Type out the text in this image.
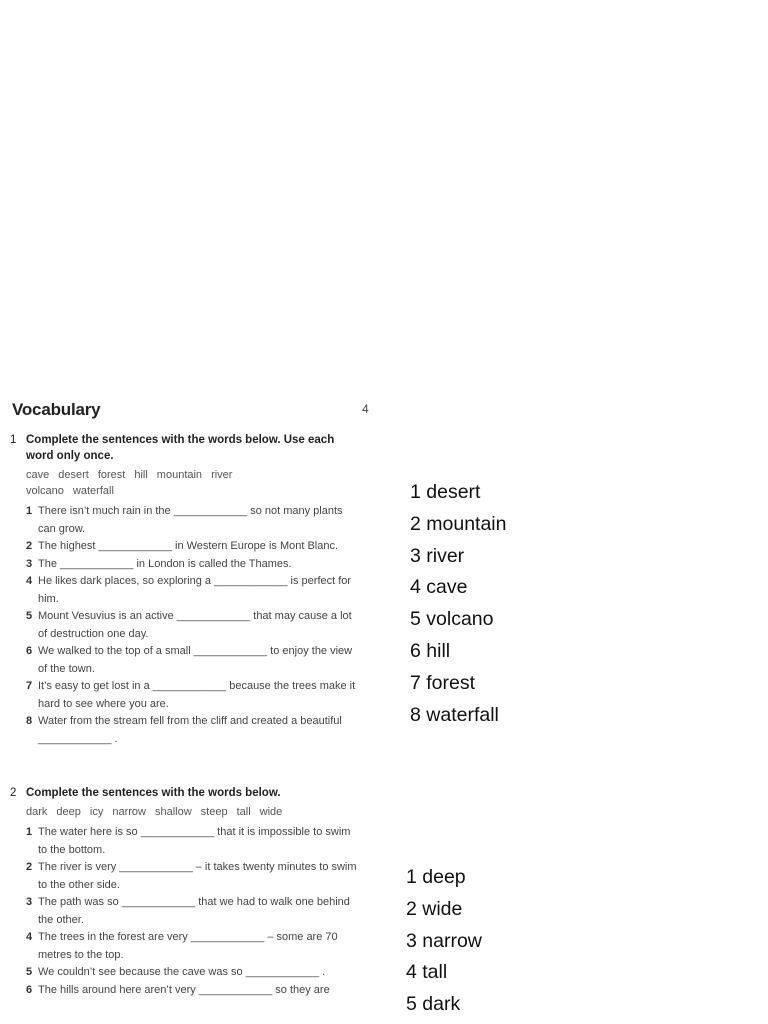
Vocabulary	4
1 Complete the sentences with the words below. Use each word only once.
cave desert forest hill mountain river
volcano waterfall
1 There isn’t much rain in the ____________ so not many plants can grow.
2 The highest ____________ in Western Europe is Mont Blanc.
3 The ____________ in London is called the Thames.
4 He likes dark places, so exploring a ____________ is perfect for him.
5 Mount Vesuvius is an active ____________ that may cause a lot of destruction one day.
6 We walked to the top of a small ____________ to enjoy the view of the town.
7 It’s easy to get lost in a ____________ because the trees make it hard to see where you are.
8 Water from the stream fell from the cliff and created a beautiful ____________ .
2 Complete the sentences with the words below.
dark deep icy narrow shallow steep tall wide
1 The water here is so ____________ that it is impossible to swim to the bottom.
2 The river is very ____________ – it takes twenty minutes to swim to the other side.
3 The path was so ____________ that we had to walk one behind the other.
4 The trees in the forest are very ____________ – some are 70 metres to the top.
5 We couldn’t see because the cave was so ____________ .
6 The hills around here aren’t very ____________ so they are
1 desert
2 mountain
3 river
4 cave
5 volcano
6 hill
7 forest
8 waterfall
1 deep
2 wide
3 narrow
4 tall
5 dark
